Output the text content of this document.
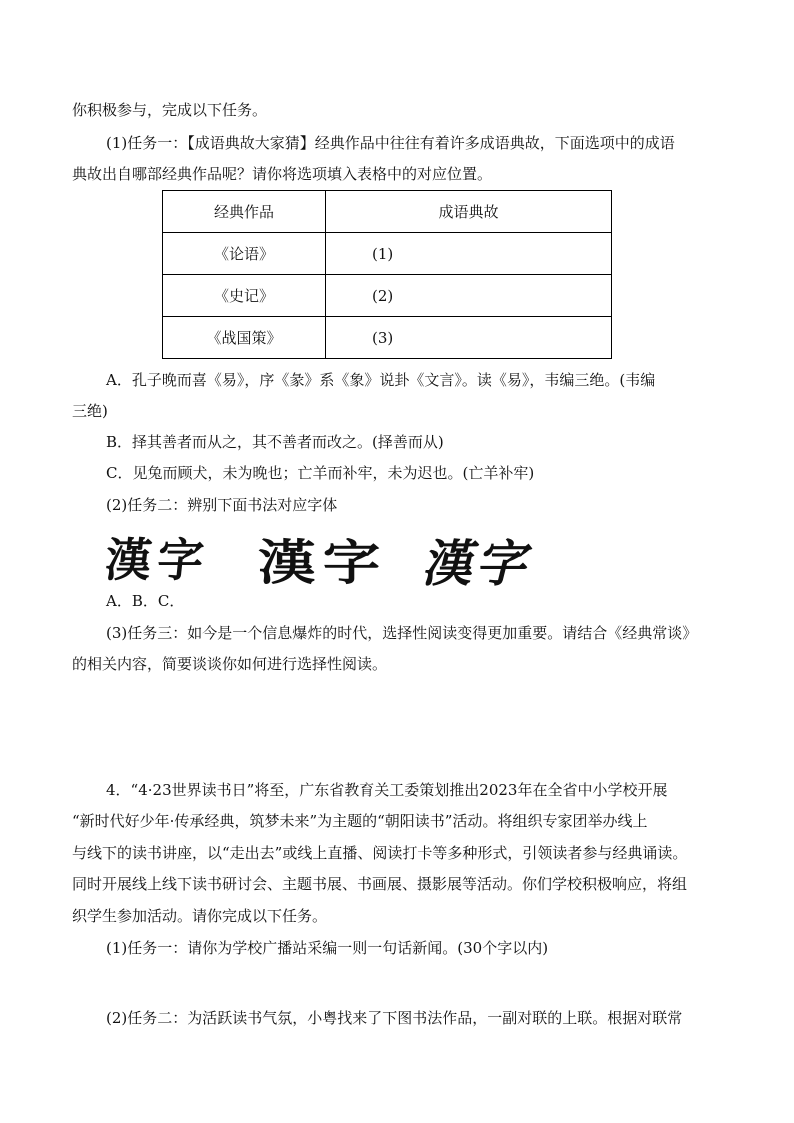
你积极参与，完成以下任务。
(1)任务一：【成语典故大家猜】经典作品中往往有着许多成语典故，下面选项中的成语
典故出自哪部经典作品呢？请你将选项填入表格中的对应位置。
经典作品	成语典故
《论语》	(1)
《史记》	(2)
《战国策》	(3)
A．孔子晚而喜《易》，序《彖》系《象》说卦《文言》。读《易》，韦编三绝。(韦编
三绝)
B．择其善者而从之，其不善者而改之。(择善而从)
C．见兔而顾犬，未为晚也；亡羊而补牢，未为迟也。(亡羊补牢)
(2)任务二：辨别下面书法对应字体
漢字 漢字 漢字
A．B．C．
(3)任务三：如今是一个信息爆炸的时代，选择性阅读变得更加重要。请结合《经典常谈》
的相关内容，简要谈谈你如何进行选择性阅读。
4．“4·23世界读书日”将至，广东省教育关工委策划推出2023年在全省中小学校开展
“新时代好少年·传承经典，筑梦未来”为主题的“朝阳读书”活动。将组织专家团举办线上
与线下的读书讲座，以“走出去”或线上直播、阅读打卡等多种形式，引领读者参与经典诵读。
同时开展线上线下读书研讨会、主题书展、书画展、摄影展等活动。你们学校积极响应，将组
织学生参加活动。请你完成以下任务。
(1)任务一：请你为学校广播站采编一则一句话新闻。(30个字以内)
(2)任务二：为活跃读书气氛，小粤找来了下图书法作品，一副对联的上联。根据对联常
